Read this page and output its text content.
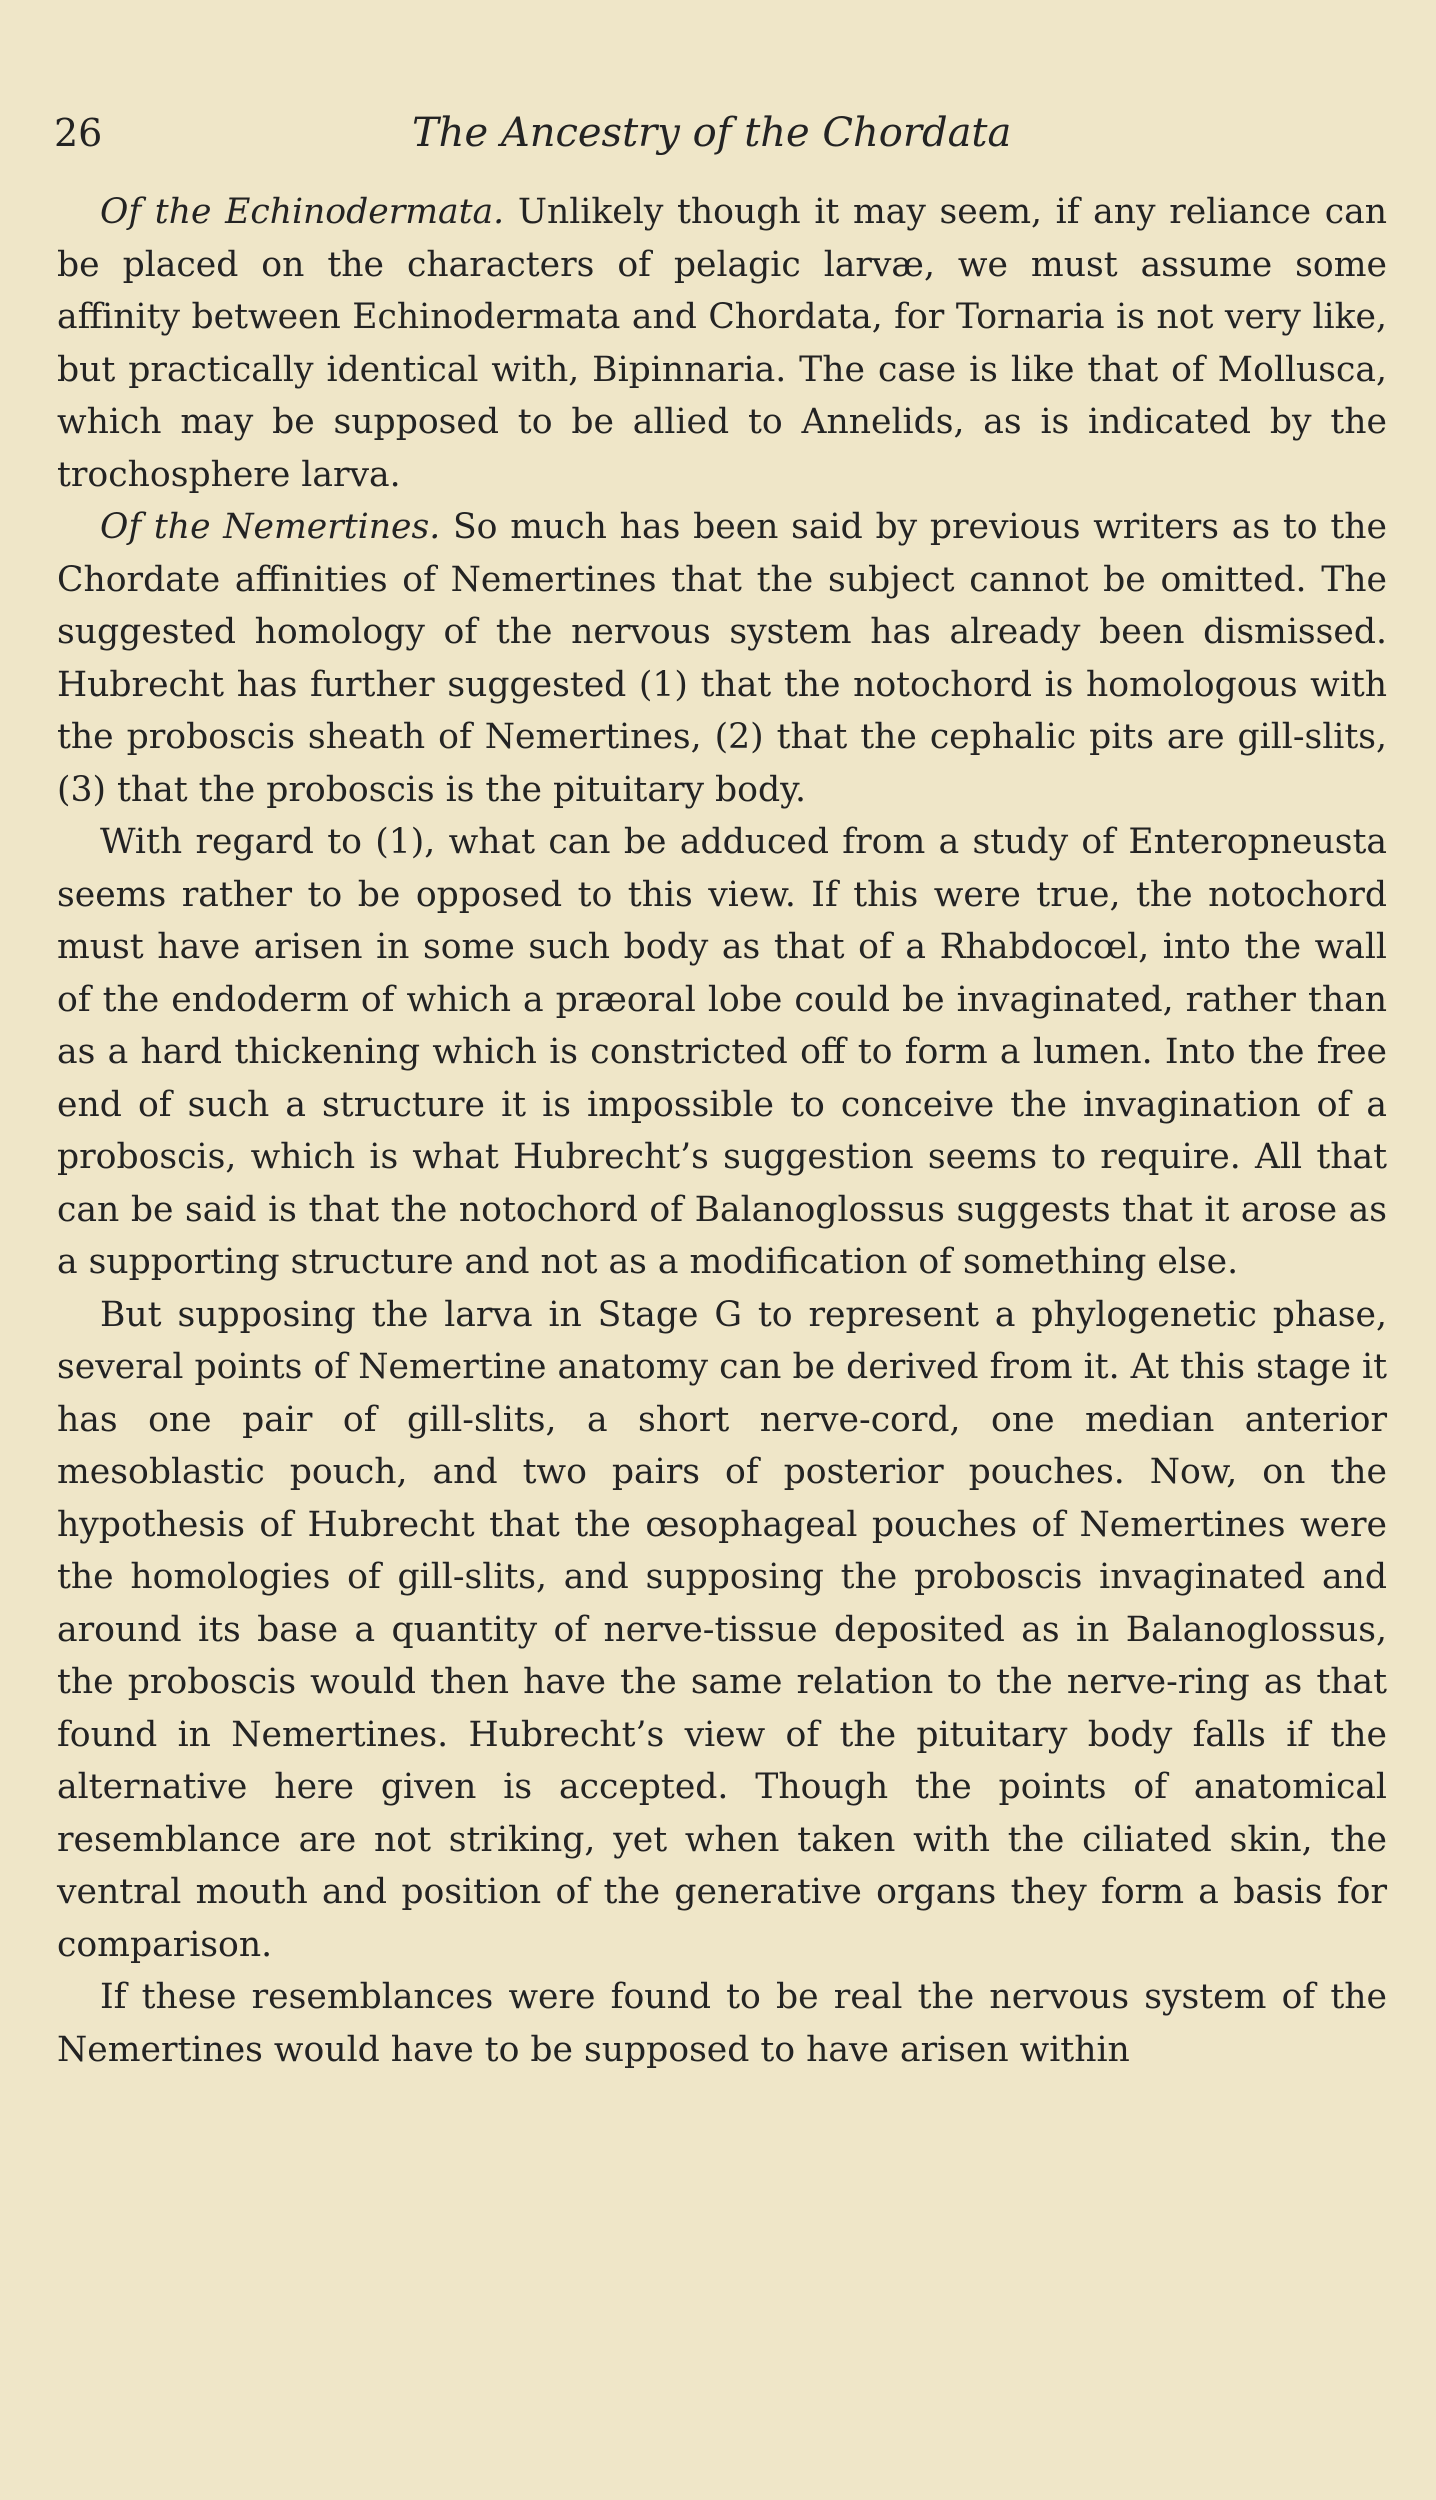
26	The Ancestry of the Chordata

Of the Echinodermata. Unlikely though it may seem, if any reliance can be placed on the characters of pelagic larvæ, we must assume some affinity between Echinodermata and Chordata, for Tornaria is not very like, but practically identical with, Bipinnaria. The case is like that of Mollusca, which may be supposed to be allied to Annelids, as is indicated by the trochosphere larva.

Of the Nemertines. So much has been said by previous writers as to the Chordate affinities of Nemertines that the subject cannot be omitted. The suggested homology of the nervous system has already been dismissed. Hubrecht has further suggested (1) that the notochord is homologous with the proboscis sheath of Nemertines, (2) that the cephalic pits are gill-slits, (3) that the proboscis is the pituitary body.

With regard to (1), what can be adduced from a study of Enteropneusta seems rather to be opposed to this view. If this were true, the notochord must have arisen in some such body as that of a Rhabdocœl, into the wall of the endoderm of which a præoral lobe could be invaginated, rather than as a hard thickening which is constricted off to form a lumen. Into the free end of such a structure it is impossible to conceive the invagination of a proboscis, which is what Hubrecht’s suggestion seems to require. All that can be said is that the notochord of Balanoglossus suggests that it arose as a supporting structure and not as a modification of something else.

But supposing the larva in Stage G to represent a phylogenetic phase, several points of Nemertine anatomy can be derived from it. At this stage it has one pair of gill-slits, a short nerve-cord, one median anterior mesoblastic pouch, and two pairs of posterior pouches. Now, on the hypothesis of Hubrecht that the œsophageal pouches of Nemertines were the homologies of gill-slits, and supposing the proboscis invaginated and around its base a quantity of nerve-tissue deposited as in Balanoglossus, the proboscis would then have the same relation to the nerve-ring as that found in Nemertines. Hubrecht’s view of the pituitary body falls if the alternative here given is accepted. Though the points of anatomical resemblance are not striking, yet when taken with the ciliated skin, the ventral mouth and position of the generative organs they form a basis for comparison.

If these resemblances were found to be real the nervous system of the Nemertines would have to be supposed to have arisen within
